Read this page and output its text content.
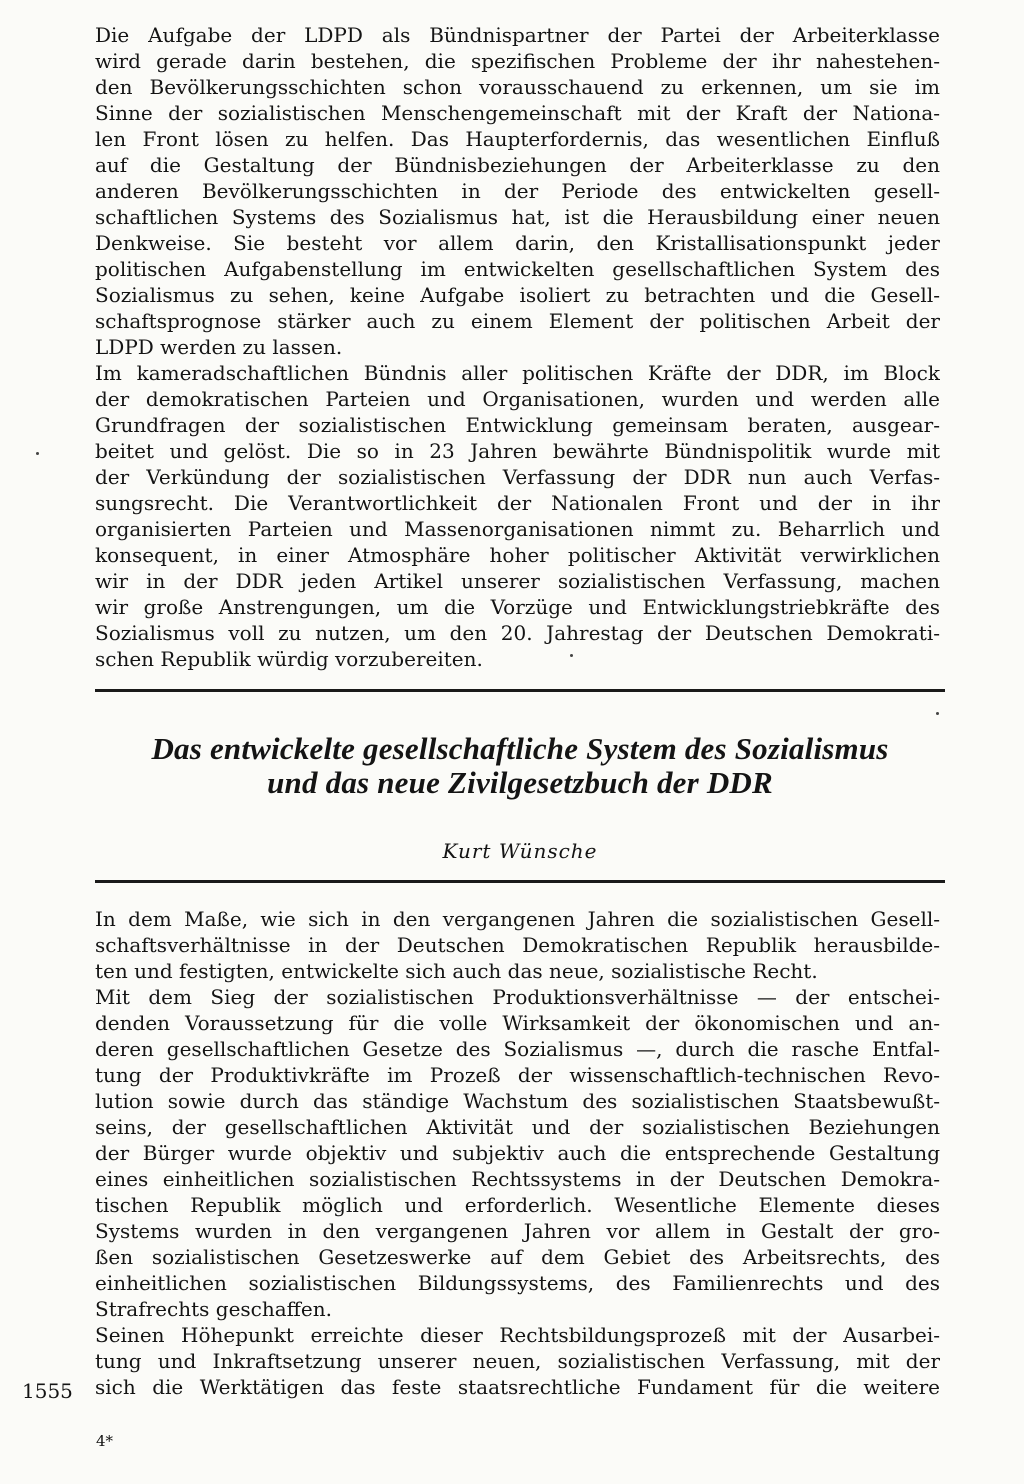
Die Aufgabe der LDPD als Bündnispartner der Partei der Arbeiterklasse
wird gerade darin bestehen, die spezifischen Probleme der ihr nahestehen-
den Bevölkerungsschichten schon vorausschauend zu erkennen, um sie im
Sinne der sozialistischen Menschengemeinschaft mit der Kraft der Nationa-
len Front lösen zu helfen. Das Haupterfordernis, das wesentlichen Einfluß
auf die Gestaltung der Bündnisbeziehungen der Arbeiterklasse zu den
anderen Bevölkerungsschichten in der Periode des entwickelten gesell-
schaftlichen Systems des Sozialismus hat, ist die Herausbildung einer neuen
Denkweise. Sie besteht vor allem darin, den Kristallisationspunkt jeder
politischen Aufgabenstellung im entwickelten gesellschaftlichen System des
Sozialismus zu sehen, keine Aufgabe isoliert zu betrachten und die Gesell-
schaftsprognose stärker auch zu einem Element der politischen Arbeit der
LDPD werden zu lassen.
Im kameradschaftlichen Bündnis aller politischen Kräfte der DDR, im Block
der demokratischen Parteien und Organisationen, wurden und werden alle
Grundfragen der sozialistischen Entwicklung gemeinsam beraten, ausgear-
beitet und gelöst. Die so in 23 Jahren bewährte Bündnispolitik wurde mit
der Verkündung der sozialistischen Verfassung der DDR nun auch Verfas-
sungsrecht. Die Verantwortlichkeit der Nationalen Front und der in ihr
organisierten Parteien und Massenorganisationen nimmt zu. Beharrlich und
konsequent, in einer Atmosphäre hoher politischer Aktivität verwirklichen
wir in der DDR jeden Artikel unserer sozialistischen Verfassung, machen
wir große Anstrengungen, um die Vorzüge und Entwicklungstriebkräfte des
Sozialismus voll zu nutzen, um den 20. Jahrestag der Deutschen Demokrati-
schen Republik würdig vorzubereiten.
Das entwickelte gesellschaftliche System des Sozialismus
und das neue Zivilgesetzbuch der DDR
Kurt Wünsche
In dem Maße, wie sich in den vergangenen Jahren die sozialistischen Gesell-
schaftsverhältnisse in der Deutschen Demokratischen Republik herausbilde-
ten und festigten, entwickelte sich auch das neue, sozialistische Recht.
Mit dem Sieg der sozialistischen Produktionsverhältnisse — der entschei-
denden Voraussetzung für die volle Wirksamkeit der ökonomischen und an-
deren gesellschaftlichen Gesetze des Sozialismus —, durch die rasche Entfal-
tung der Produktivkräfte im Prozeß der wissenschaftlich-technischen Revo-
lution sowie durch das ständige Wachstum des sozialistischen Staatsbewußt-
seins, der gesellschaftlichen Aktivität und der sozialistischen Beziehungen
der Bürger wurde objektiv und subjektiv auch die entsprechende Gestaltung
eines einheitlichen sozialistischen Rechtssystems in der Deutschen Demokra-
tischen Republik möglich und erforderlich. Wesentliche Elemente dieses
Systems wurden in den vergangenen Jahren vor allem in Gestalt der gro-
ßen sozialistischen Gesetzeswerke auf dem Gebiet des Arbeitsrechts, des
einheitlichen sozialistischen Bildungssystems, des Familienrechts und des
Strafrechts geschaffen.
Seinen Höhepunkt erreichte dieser Rechtsbildungsprozeß mit der Ausarbei-
tung und Inkraftsetzung unserer neuen, sozialistischen Verfassung, mit der
sich die Werktätigen das feste staatsrechtliche Fundament für die weitere
1555
4*
